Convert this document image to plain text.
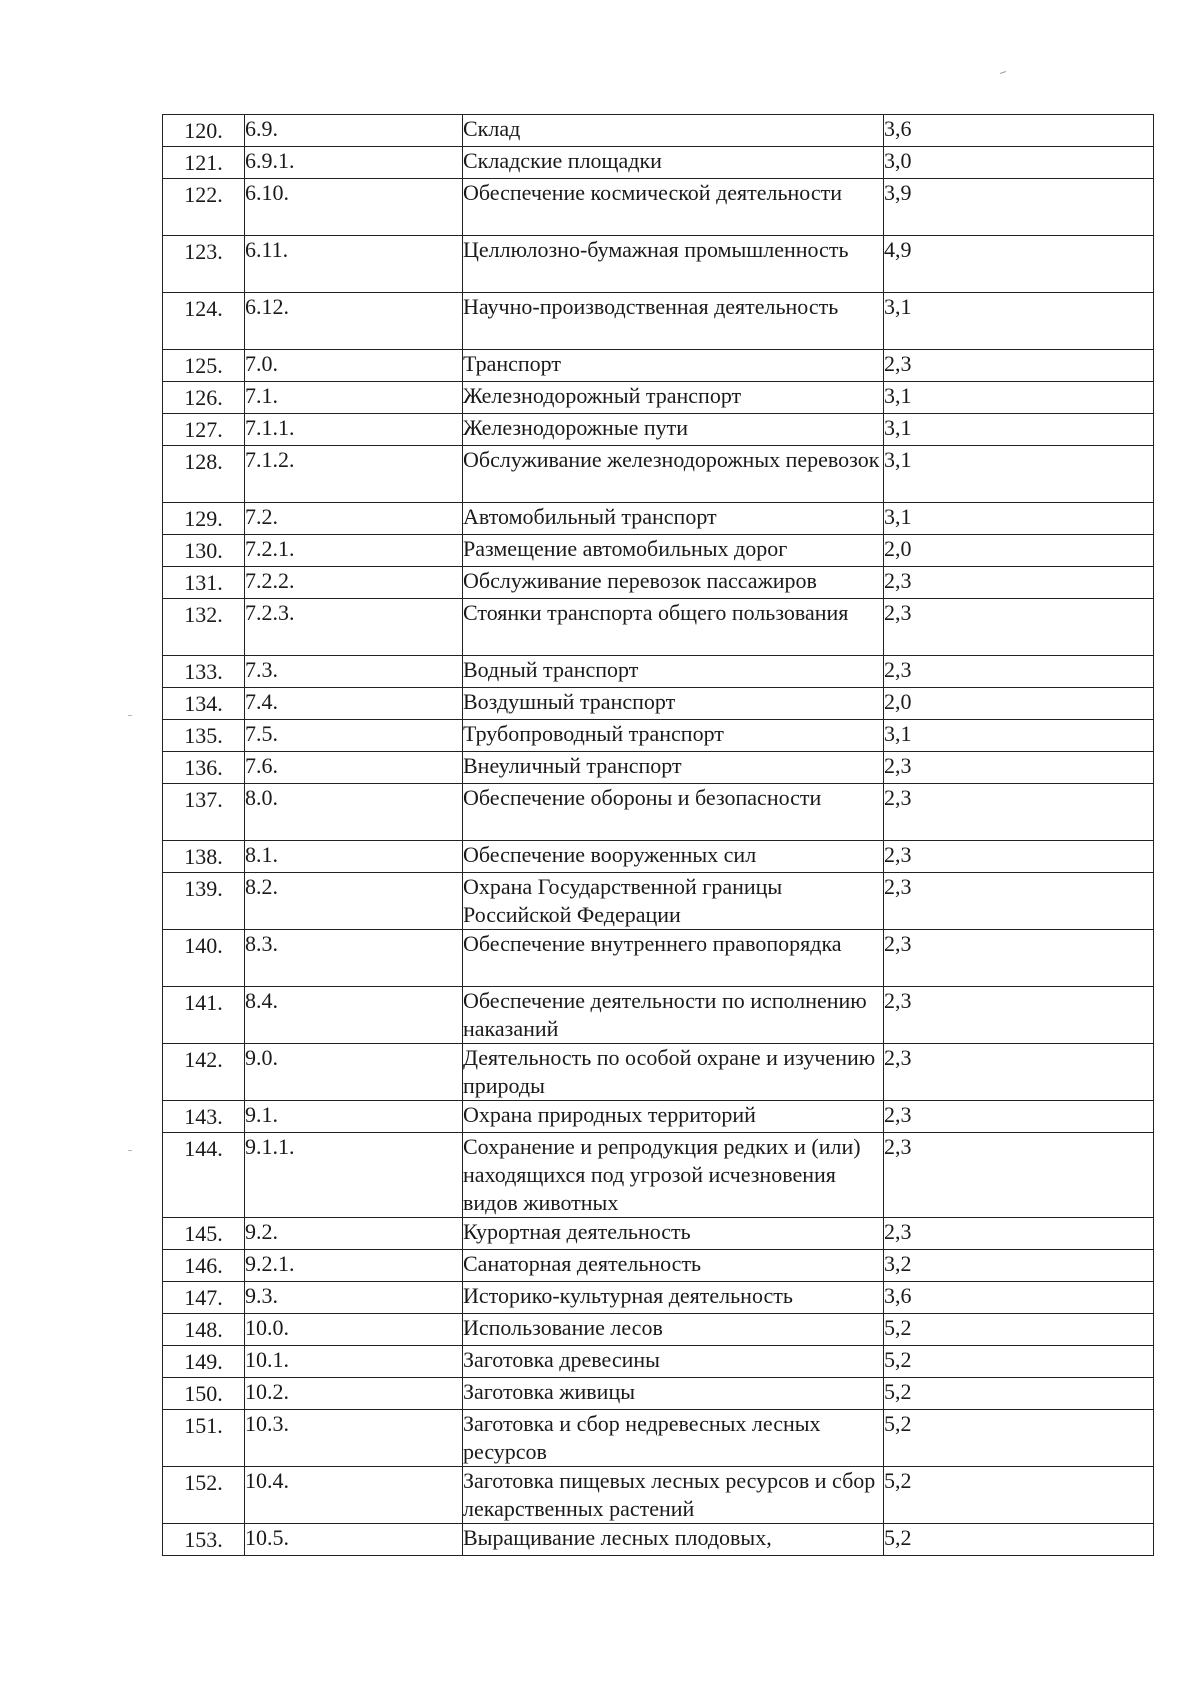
120.	6.9.	Склад	3,6

121.	6.9.1.	Складские площадки	3,0

122.	6.10.	Обеспечение космической деятельности	3,9

123.	6.11.	Целлюлозно-бумажная промышленность	4,9

124.	6.12.	Научно-производственная деятельность	3,1

125.	7.0.	Транспорт	2,3

126.	7.1.	Железнодорожный транспорт	3,1

127.	7.1.1.	Железнодорожные пути	3,1

128.	7.1.2.	Обслуживание железнодорожных перевозок	3,1

129.	7.2.	Автомобильный транспорт	3,1

130.	7.2.1.	Размещение автомобильных дорог	2,0

131.	7.2.2.	Обслуживание перевозок пассажиров	2,3

132.	7.2.3.	Стоянки транспорта общего пользования	2,3

133.	7.3.	Водный транспорт	2,3

134.	7.4.	Воздушный транспорт	2,0

135.	7.5.	Трубопроводный транспорт	3,1

136.	7.6.	Внеуличный транспорт	2,3

137.	8.0.	Обеспечение обороны и безопасности	2,3

138.	8.1.	Обеспечение вооруженных сил	2,3

139.	8.2.	Охрана Государственной границы Российской Федерации	2,3

140.	8.3.	Обеспечение внутреннего правопорядка	2,3

141.	8.4.	Обеспечение деятельности по исполнению наказаний	2,3

142.	9.0.	Деятельность по особой охране и изучению природы	2,3

143.	9.1.	Охрана природных территорий	2,3

144.	9.1.1.	Сохранение и репродукция редких и (или) находящихся под угрозой исчезновения видов животных	2,3

145.	9.2.	Курортная деятельность	2,3

146.	9.2.1.	Санаторная деятельность	3,2

147.	9.3.	Историко-культурная деятельность	3,6

148.	10.0.	Использование лесов	5,2

149.	10.1.	Заготовка древесины	5,2

150.	10.2.	Заготовка живицы	5,2

151.	10.3.	Заготовка и сбор недревесных лесных ресурсов	5,2

152.	10.4.	Заготовка пищевых лесных ресурсов и сбор лекарственных растений	5,2

153.	10.5.	Выращивание лесных плодовых,	5,2
